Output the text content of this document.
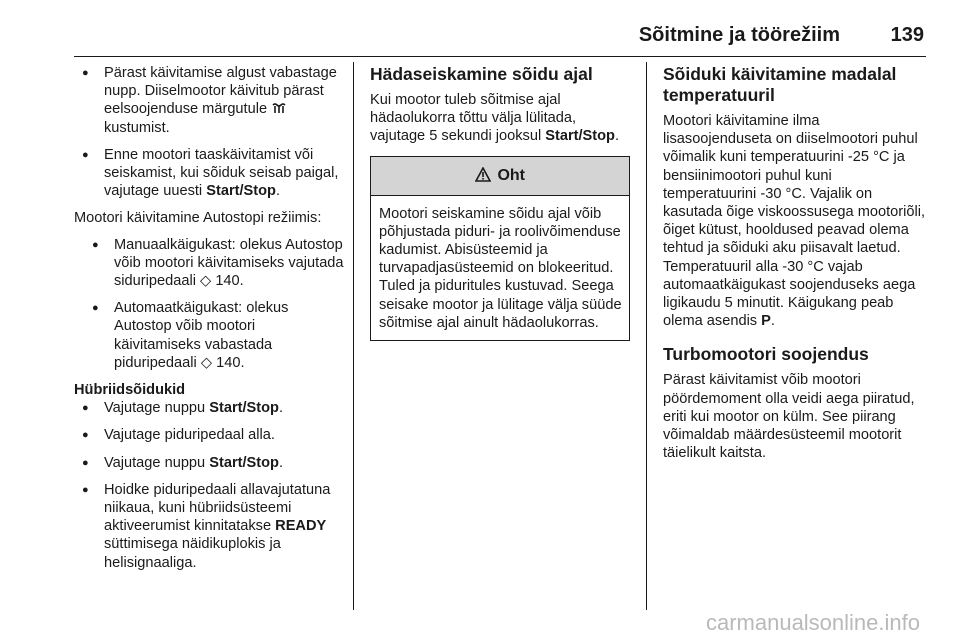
Sõitmine ja töörežiim	139
● Pärast käivitamise algust vabastage nupp. Diiselmootor käivitub pärast eelsoojenduse märgutule  kustumist.
● Enne mootori taaskäivitamist või seiskamist, kui sõiduk seisab paigal, vajutage uuesti Start/Stop.

Mootori käivitamine Autostopi režiimis:

● Manuaalkäigukast: olekus Autostop võib mootori käivitamiseks vajutada siduripedaali ◇ 140.
● Automaatkäigukast: olekus Autostop võib mootori käivitamiseks vabastada piduripedaali ◇ 140.

Hübriidsõidukid

● Vajutage nuppu Start/Stop.
● Vajutage piduripedaal alla.
● Vajutage nuppu Start/Stop.
● Hoidke piduripedaali allavajutatuna niikaua, kuni hübriidsüsteemi aktiveerumist kinnitatakse READY süttimisega näidikuplokis ja helisignaaliga.
Hädaseiskamine sõidu ajal

Kui mootor tuleb sõitmise ajal hädaolukorra tõttu välja lülitada, vajutage 5 sekundi jooksul Start/Stop.

Oht
Mootori seiskamine sõidu ajal võib põhjustada piduri- ja roolivõimenduse kadumist. Abisüsteemid ja turvapadjasüsteemid on blokeeritud. Tuled ja piduritules kustuvad. Seega seisake mootor ja lülitage välja süüde sõitmise ajal ainult hädaolukorras.
Sõiduki käivitamine madalal temperatuuril

Mootori käivitamine ilma lisasoojenduseta on diiselmootori puhul võimalik kuni temperatuurini -25 °C ja bensiinimootori puhul kuni temperatuurini -30 °C. Vajalik on kasutada õige viskoossusega mootoriõli, õiget kütust, hooldused peavad olema tehtud ja sõiduki aku piisavalt laetud. Temperatuuril alla -30 °C vajab automaatkäigukast soojenduseks aega ligikaudu 5 minutit. Käigukang peab olema asendis P.

Turbomootori soojendus

Pärast käivitamist võib mootori pöördemoment olla veidi aega piiratud, eriti kui mootor on külm. See piirang võimaldab määrdesüsteemil mootorit täielikult kaitsta.

carmanualsonline.info
